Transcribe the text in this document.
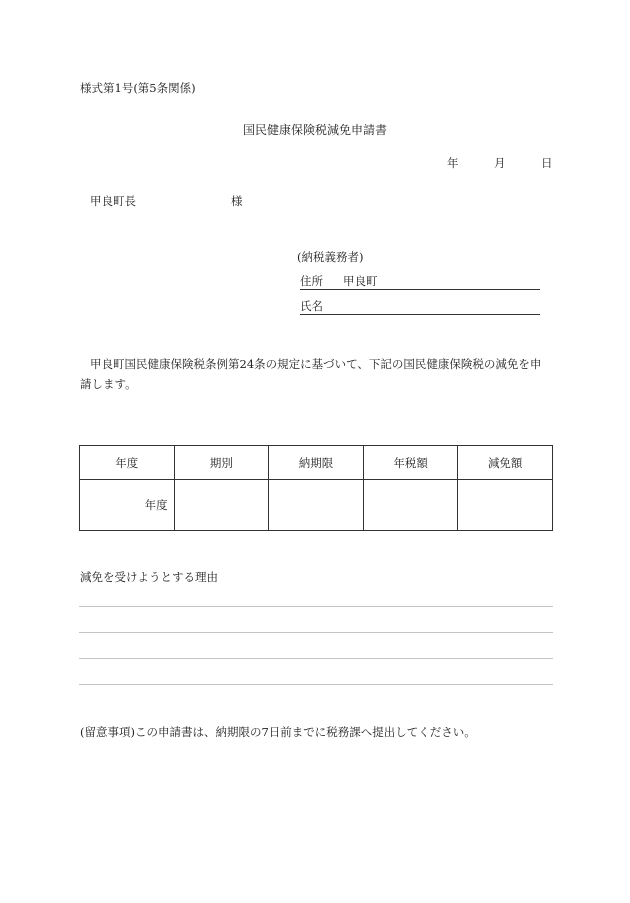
様式第1号(第5条関係)
国民健康保険税減免申請書
年	月	日
甲良町長	様
(納税義務者)
住所 甲良町
氏名
甲良町国民健康保険税条例第24条の規定に基づいて、下記の国民健康保険税の減免を申請します。
年度	期別	納期限	年税額	減免額
年度				
減免を受けようとする理由
(留意事項)この申請書は、納期限の7日前までに税務課へ提出してください。
